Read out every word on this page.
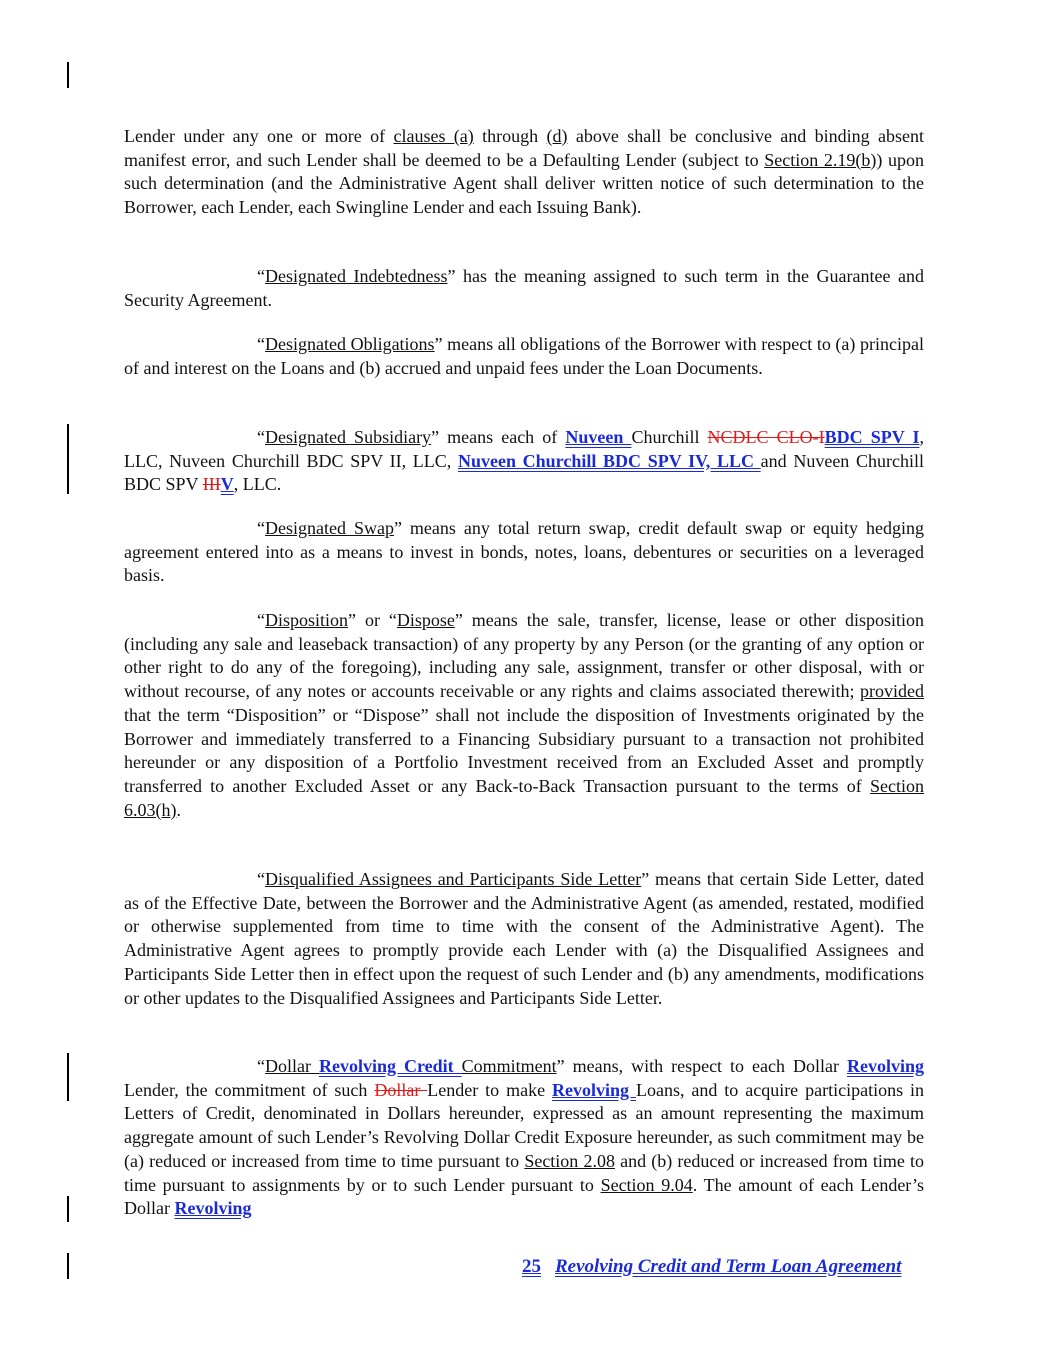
Lender under any one or more of clauses (a) through (d) above shall be conclusive and binding absent manifest error, and such Lender shall be deemed to be a Defaulting Lender (subject to Section 2.19(b)) upon such determination (and the Administrative Agent shall deliver written notice of such determination to the Borrower, each Lender, each Swingline Lender and each Issuing Bank).

“Designated Indebtedness” has the meaning assigned to such term in the Guarantee and Security Agreement.

“Designated Obligations” means all obligations of the Borrower with respect to (a) principal of and interest on the Loans and (b) accrued and unpaid fees under the Loan Documents.

“Designated Subsidiary” means each of Nuveen Churchill NCDLC CLO-IBDC SPV I, LLC, Nuveen Churchill BDC SPV II, LLC, Nuveen Churchill BDC SPV IV, LLC and Nuveen Churchill BDC SPV IIIV, LLC.

“Designated Swap” means any total return swap, credit default swap or equity hedging agreement entered into as a means to invest in bonds, notes, loans, debentures or securities on a leveraged basis.

“Disposition” or “Dispose” means the sale, transfer, license, lease or other disposition (including any sale and leaseback transaction) of any property by any Person (or the granting of any option or other right to do any of the foregoing), including any sale, assignment, transfer or other disposal, with or without recourse, of any notes or accounts receivable or any rights and claims associated therewith; provided that the term “Disposition” or “Dispose” shall not include the disposition of Investments originated by the Borrower and immediately transferred to a Financing Subsidiary pursuant to a transaction not prohibited hereunder or any disposition of a Portfolio Investment received from an Excluded Asset and promptly transferred to another Excluded Asset or any Back-to-Back Transaction pursuant to the terms of Section 6.03(h).

“Disqualified Assignees and Participants Side Letter” means that certain Side Letter, dated as of the Effective Date, between the Borrower and the Administrative Agent (as amended, restated, modified or otherwise supplemented from time to time with the consent of the Administrative Agent). The Administrative Agent agrees to promptly provide each Lender with (a) the Disqualified Assignees and Participants Side Letter then in effect upon the request of such Lender and (b) any amendments, modifications or other updates to the Disqualified Assignees and Participants Side Letter.

“Dollar Revolving Credit Commitment” means, with respect to each Dollar Revolving Lender, the commitment of such Dollar Lender to make Revolving Loans, and to acquire participations in Letters of Credit, denominated in Dollars hereunder, expressed as an amount representing the maximum aggregate amount of such Lender’s Revolving Dollar Credit Exposure hereunder, as such commitment may be (a) reduced or increased from time to time pursuant to Section 2.08 and (b) reduced or increased from time to time pursuant to assignments by or to such Lender pursuant to Section 9.04. The amount of each Lender’s Dollar Revolving

25 Revolving Credit and Term Loan Agreement
